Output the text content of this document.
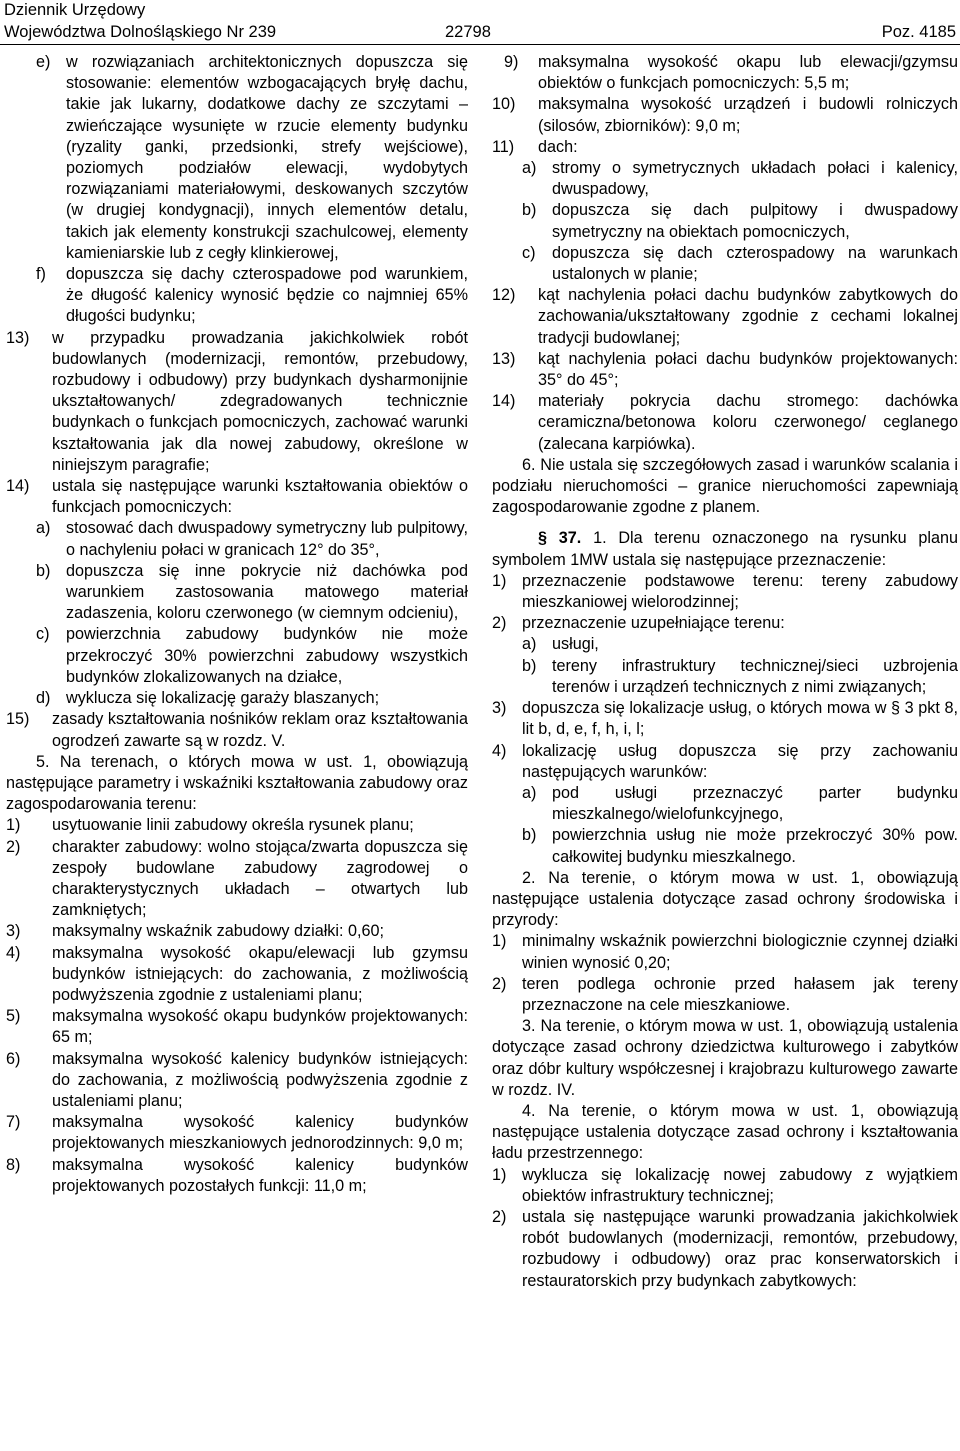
Dziennik Urzędowy
Województwa Dolnośląskiego Nr 239	22798	Poz. 4185
e) w rozwiązaniach architektonicznych dopuszcza się stosowanie: elementów wzbogacających bryłę dachu, takie jak lukarny, dodatkowe dachy ze szczytami – zwieńczające wysunięte w rzucie elementy budynku (ryzality ganki, przedsionki, strefy wejściowe), poziomych podziałów elewacji, wydobytych rozwiązaniami materiałowymi, deskowanych szczytów (w drugiej kondygnacji), innych elementów detalu, takich jak elementy konstrukcji szachulcowej, elementy kamieniarskie lub z cegły klinkierowej,
f)	dopuszcza się dachy czterospadowe pod warunkiem, że długość kalenicy wynosić będzie co najmniej 65% długości budynku;
13)	w przypadku prowadzania jakichkolwiek robót budowlanych (modernizacji, remontów, przebudowy, rozbudowy i odbudowy) przy budynkach dysharmonijnie ukształtowanych/ zdegradowanych technicznie budynkach o funkcjach pomocniczych, zachować warunki kształtowania jak dla nowej zabudowy, określone w niniejszym paragrafie;
14)	ustala się następujące warunki kształtowania obiektów o funkcjach pomocniczych:
a) stosować dach dwuspadowy symetryczny lub pulpitowy, o nachyleniu połaci w granicach 12° do 35°,
b) dopuszcza się inne pokrycie niż dachówka pod warunkiem zastosowania matowego materiał zadaszenia, koloru czerwonego (w ciemnym odcieniu),
c)	powierzchnia zabudowy budynków nie może przekroczyć 30% powierzchni zabudowy wszystkich budynków zlokalizowanych na działce,
d) wyklucza się lokalizację garaży blaszanych;
15)	zasady kształtowania nośników reklam oraz kształtowania ogrodzeń zawarte są w rozdz. V.
5. Na terenach, o których mowa w ust. 1, obowiązują następujące parametry i wskaźniki kształtowania zabudowy oraz zagospodarowania terenu:
1)	usytuowanie linii zabudowy określa rysunek planu;
2)	charakter zabudowy: wolno stojąca/zwarta dopuszcza się zespoły budowlane zabudowy zagrodowej o charakterystycznych układach – otwartych lub zamkniętych;
3)	maksymalny wskaźnik zabudowy działki: 0,60;
4)	maksymalna wysokość okapu/elewacji lub gzymsu budynków istniejących: do zachowania, z możliwością podwyższenia zgodnie z ustaleniami planu;
5)	maksymalna wysokość okapu budynków projektowanych: 65 m;
6)	maksymalna wysokość kalenicy budynków istniejących: do zachowania, z możliwością podwyższenia zgodnie z ustaleniami planu;
7)	maksymalna wysokość kalenicy budynków projektowanych mieszkaniowych jednorodzinnych: 9,0 m;
8)	maksymalna wysokość kalenicy budynków projektowanych pozostałych funkcji: 11,0 m;
9)	maksymalna wysokość okapu lub elewacji/gzymsu obiektów o funkcjach pomocniczych: 5,5 m;
10)	maksymalna wysokość urządzeń i budowli rolniczych (silosów, zbiorników): 9,0 m;
11)	dach:
a) stromy o symetrycznych układach połaci i kalenicy, dwuspadowy,
b) dopuszcza się dach pulpitowy i dwuspadowy symetryczny na obiektach pomocniczych,
c)	dopuszcza się dach czterospadowy na warunkach ustalonych w planie;
12)	kąt nachylenia połaci dachu budynków zabytkowych do zachowania/ukształtowany zgodnie z cechami lokalnej tradycji budowlanej;
13)	kąt nachylenia połaci dachu budynków projektowanych: 35° do 45°;
14)	materiały pokrycia dachu stromego: dachówka ceramiczna/betonowa koloru czerwonego/ ceglanego (zalecana karpiówka).
6. Nie ustala się szczegółowych zasad i warunków scalania i podziału nieruchomości – granice nieruchomości zapewniają zagospodarowanie zgodne z planem.
§ 37. 1. Dla terenu oznaczonego na rysunku planu symbolem 1MW ustala się następujące przeznaczenie:
1) przeznaczenie podstawowe terenu: tereny zabudowy mieszkaniowej wielorodzinnej;
2) przeznaczenie uzupełniające terenu:
a) usługi,
b) tereny infrastruktury technicznej/sieci uzbrojenia terenów i urządzeń technicznych z nimi związanych;
3) dopuszcza się lokalizacje usług, o których mowa w § 3 pkt 8, lit b, d, e, f, h, i, l;
4) lokalizację usług dopuszcza się przy zachowaniu następujących warunków:
a) pod usługi przeznaczyć parter budynku mieszkalnego/wielofunkcyjnego,
b) powierzchnia usług nie może przekroczyć 30% pow. całkowitej budynku mieszkalnego.
2. Na terenie, o którym mowa w ust. 1, obowiązują następujące ustalenia dotyczące zasad ochrony środowiska i przyrody:
1) minimalny wskaźnik powierzchni biologicznie czynnej działki winien wynosić 0,20;
2) teren podlega ochronie przed hałasem jak tereny przeznaczone na cele mieszkaniowe.
3. Na terenie, o którym mowa w ust. 1, obowiązują ustalenia dotyczące zasad ochrony dziedzictwa kulturowego i zabytków oraz dóbr kultury współczesnej i krajobrazu kulturowego zawarte w rozdz. IV.
4. Na terenie, o którym mowa w ust. 1, obowiązują następujące ustalenia dotyczące zasad ochrony i kształtowania ładu przestrzennego:
1) wyklucza się lokalizację nowej zabudowy z wyjątkiem obiektów infrastruktury technicznej;
2) ustala się następujące warunki prowadzania jakichkolwiek robót budowlanych (modernizacji, remontów, przebudowy, rozbudowy i odbudowy) oraz prac konserwatorskich i restauratorskich przy budynkach zabytkowych:
